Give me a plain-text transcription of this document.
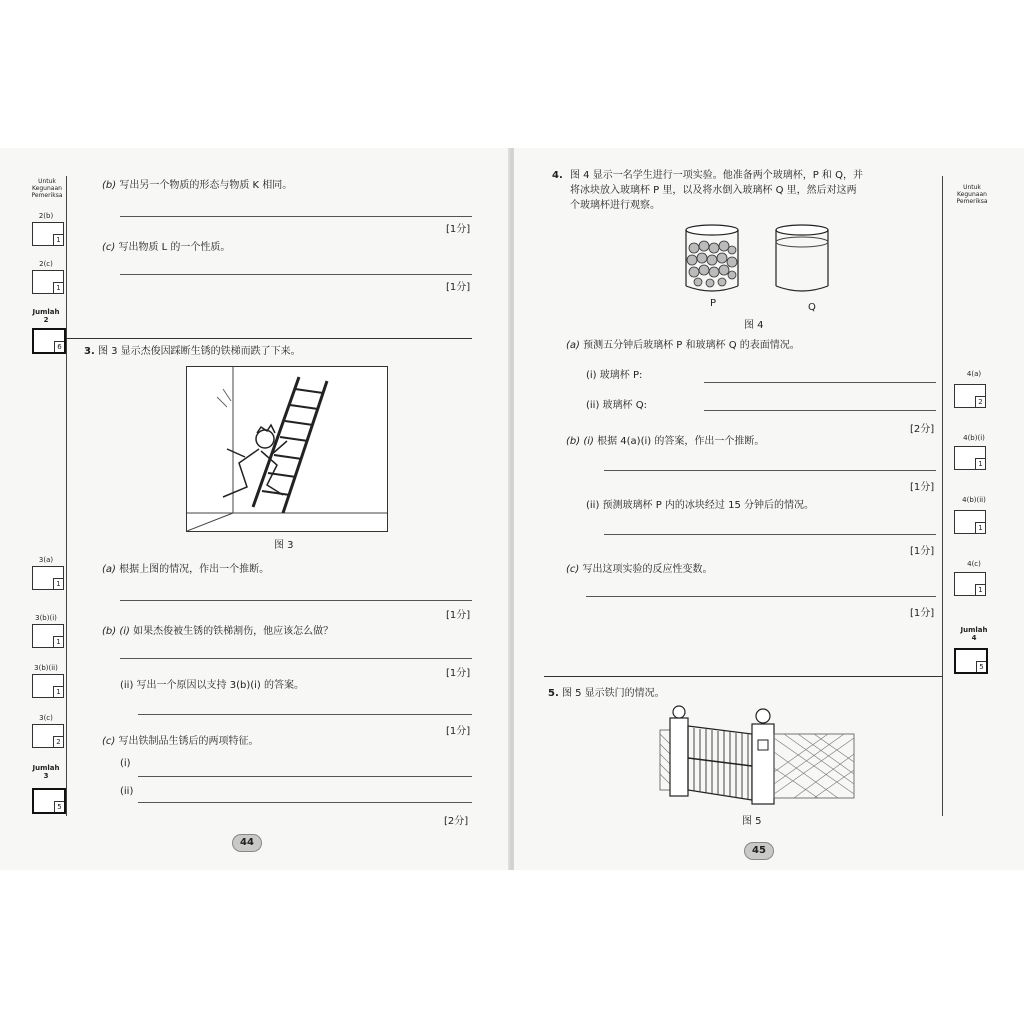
Untuk
Kegunaan
Pemeriksa
2(b)
1
2(c)
1
Jumlah
2
6
3(a)
1
3(b)(i)
1
3(b)(ii)
1
3(c)
2
Jumlah
3
5
(b) 写出另一个物质的形态与物质 K 相同。
[1分]
(c) 写出物质 L 的一个性质。
[1分]
3. 图 3 显示杰俊因踩断生锈的铁梯而跌了下来。
图 3
(a) 根据上图的情况，作出一个推断。
[1分]
(b) (i) 如果杰俊被生锈的铁梯割伤，他应该怎么做？
[1分]
(ii) 写出一个原因以支持 3(b)(i) 的答案。
[1分]
(c) 写出铁制品生锈后的两项特征。
(i)
(ii)
[2分]
44
Untuk
Kegunaan
Pemeriksa
4(a)
2
4(b)(i)
1
4(b)(ii)
1
4(c)
1
Jumlah
4
5
4. 图 4 显示一名学生进行一项实验。他准备两个玻璃杯，P 和 Q，并
将冰块放入玻璃杯 P 里，以及将水倒入玻璃杯 Q 里，然后对这两
个玻璃杯进行观察。
P	Q
图 4
(a) 预测五分钟后玻璃杯 P 和玻璃杯 Q 的表面情况。
(i) 玻璃杯 P:
(ii) 玻璃杯 Q:
[2分]
(b) (i) 根据 4(a)(i) 的答案，作出一个推断。
[1分]
(ii) 预测玻璃杯 P 内的冰块经过 15 分钟后的情况。
[1分]
(c) 写出这项实验的反应性变数。
[1分]
5. 图 5 显示铁门的情况。
图 5
45
